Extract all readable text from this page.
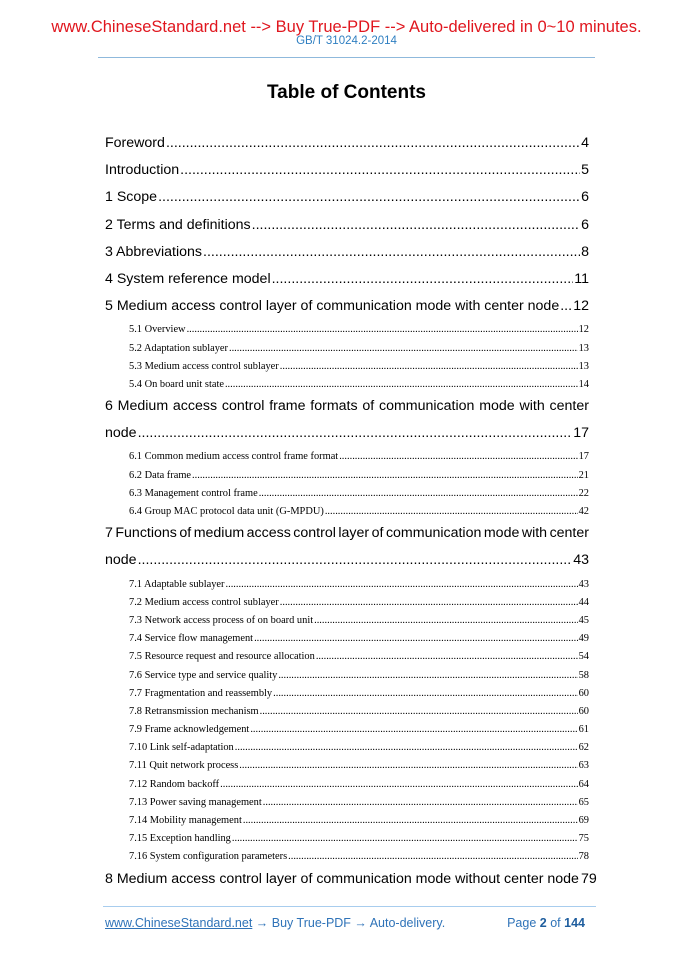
www.ChineseStandard.net --> Buy True-PDF --> Auto-delivered in 0~10 minutes.
GB/T 31024.2-2014
Table of Contents
Foreword .....	4
Introduction .....	5
1 Scope .....	6
2 Terms and definitions .....	6
3 Abbreviations .....	8
4 System reference model .....	11
5 Medium access control layer of communication mode with center node ..... 12
5.1 Overview .....	12
5.2 Adaptation sublayer .....	13
5.3 Medium access control sublayer .....	13
5.4 On board unit state .....	14
6 Medium access control frame formats of communication mode with center
node .....	17
6.1 Common medium access control frame format .....	17
6.2 Data frame .....	21
6.3 Management control frame .....	22
6.4 Group MAC protocol data unit (G-MPDU) .....	42
7 Functions of medium access control layer of communication mode with center
node .....	43
7.1 Adaptable sublayer .....	43
7.2 Medium access control sublayer .....	44
7.3 Network access process of on board unit .....	45
7.4 Service flow management .....	49
7.5 Resource request and resource allocation .....	54
7.6 Service type and service quality .....	58
7.7 Fragmentation and reassembly .....	60
7.8 Retransmission mechanism .....	60
7.9 Frame acknowledgement .....	61
7.10 Link self-adaptation .....	62
7.11 Quit network process .....	63
7.12 Random backoff .....	64
7.13 Power saving management .....	65
7.14 Mobility management .....	69
7.15 Exception handling .....	75
7.16 System configuration parameters .....	78
8 Medium access control layer of communication mode without center node 79
www.ChineseStandard.net → Buy True-PDF → Auto-delivery.	Page 2 of 144
